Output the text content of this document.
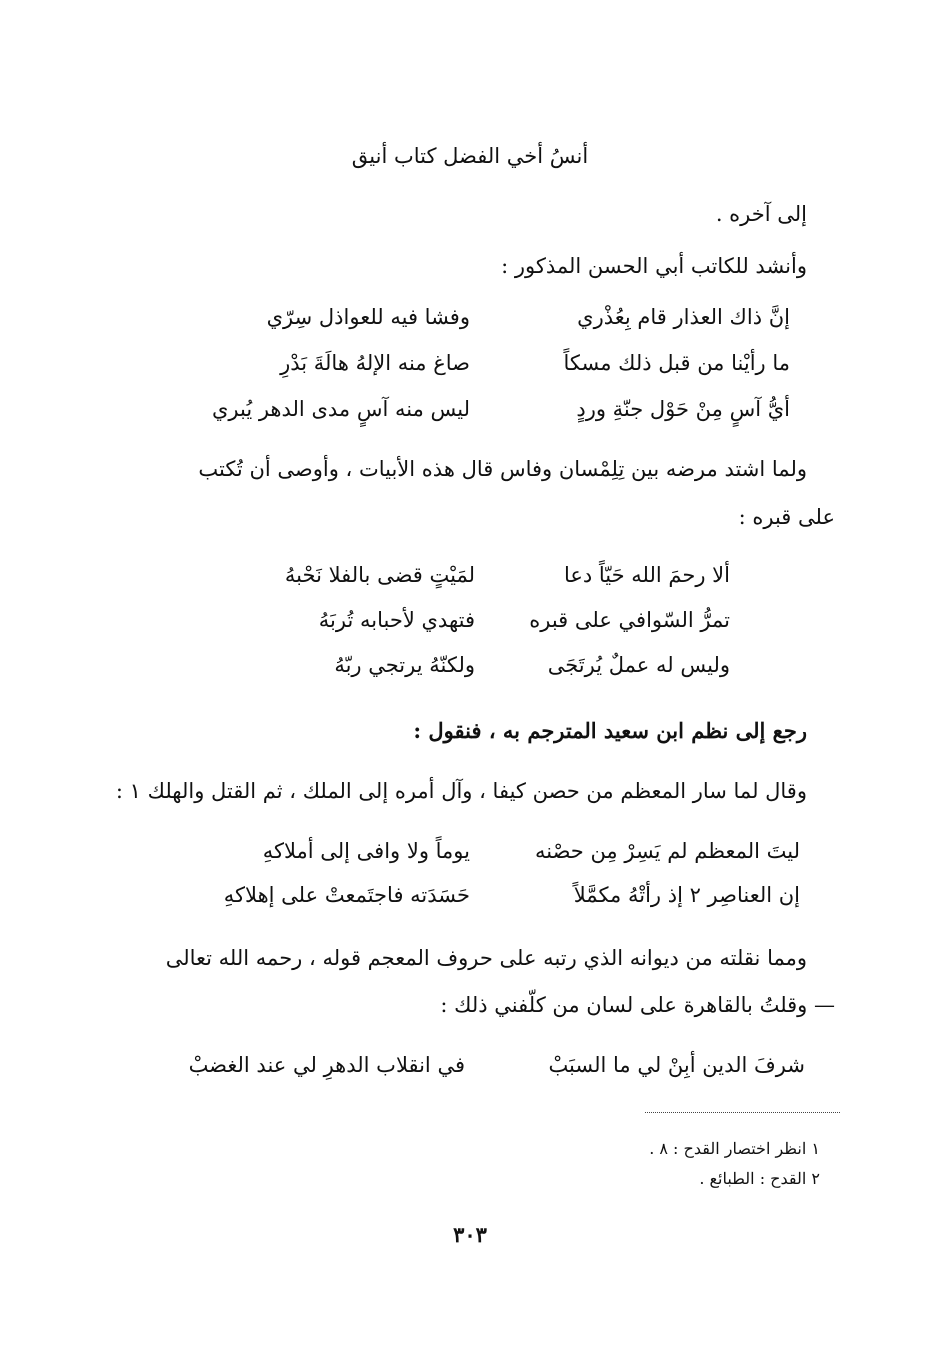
أنسُ أخي الفضل كتاب أنيق
إلى آخره .
وأنشد للكاتب أبي الحسن المذكور :
إنَّ ذاك العذار قام بِعُذْري
وفشا فيه للعواذل سِرّي
ما رأيْنا من قبل ذلك مسكاً
صاغ منه الإلهُ هالَةَ بَدْرِ
أيُّ آسٍ مِنْ حَوْل جنّةِ وردٍ
ليس منه آسٍ مدى الدهر يُبري
ولما اشتد مرضه بين تِلِمْسان وفاس قال هذه الأبيات ، وأوصى أن تُكتب
على قبره :
ألا رحمَ الله حَيّاً دعا
لمَيْتٍ قضى بالفلا نَحْبهُ
تمرُّ السّوافي على قبره
فتهدي لأحبابه تُربَهُ
وليس له عملٌ يُرتَجَى
ولكنّهُ يرتجي ربّهُ
رجع إلى نظم ابن سعيد المترجم به ، فنقول :
وقال لما سار المعظم من حصن كيفا ، وآل أمره إلى الملك ، ثم القتل والهلك ١ :
ليتَ المعظم لم يَسِرْ مِن حصْنه
يوماً ولا وافى إلى أملاكهِ
إن العناصِر ٢ إذ رأتْهُ مكمَّلاً
حَسَدَته فاجتَمعتْ على إهلاكهِ
ومما نقلته من ديوانه الذي رتبه على حروف المعجم قوله ، رحمه الله تعالى
— وقلتُ بالقاهرة على لسان من كلّفني ذلك :
شرفَ الدين أبِنْ لي ما السبَبْ
في انقلاب الدهرِ لي عند الغضبْ
١ انظر اختصار القدح : ٨ .
٢ القدح : الطبائع .
٣٠٣
